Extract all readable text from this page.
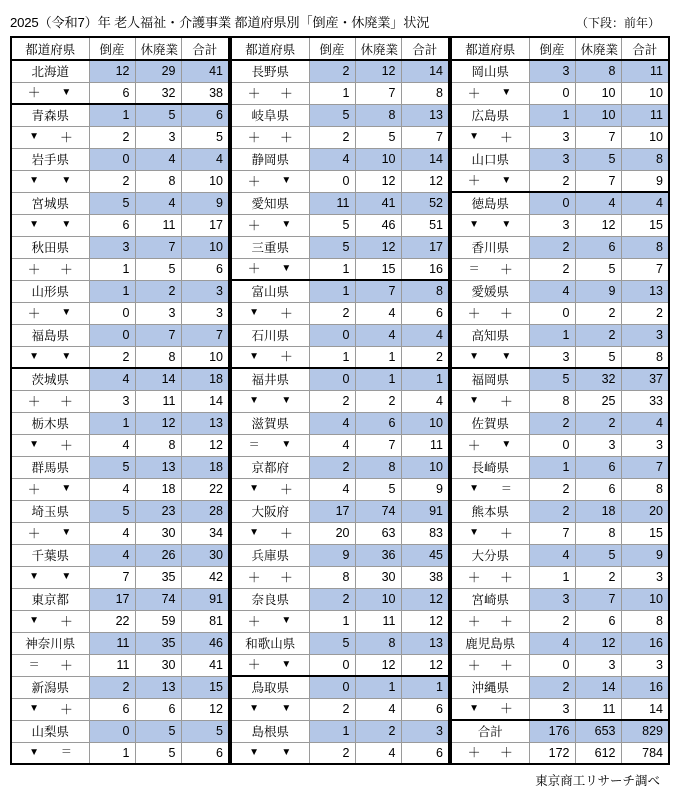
2025（令和7）年 老人福祉・介護事業 都道府県別「倒産・休廃業」状況	（下段：前年）
都道府県	倒産	休廃業	合計
北海道	12	29	41

＋ ▼	6	32	38
青森県	1	5	6

▼ ＋	2	3	5
岩手県	0	4	4

▼ ▼	2	8	10
宮城県	5	4	9

▼ ▼	6	11	17
秋田県	3	7	10

＋ ＋	1	5	6
山形県	1	2	3

＋ ▼	0	3	3
福島県	0	7	7

▼ ▼	2	8	10
茨城県	4	14	18

＋ ＋	3	11	14
栃木県	1	12	13

▼ ＋	4	8	12
群馬県	5	13	18

＋ ▼	4	18	22
埼玉県	5	23	28

＋ ▼	4	30	34
千葉県	4	26	30

▼ ▼	7	35	42
東京都	17	74	91

▼ ＋	22	59	81
神奈川県	11	35	46

＝ ＋	11	30	41
新潟県	2	13	15

▼ ＋	6	6	12
山梨県	0	5	5

▼ ＝	1	5	6
都道府県	倒産	休廃業	合計
長野県	2	12	14

＋ ＋	1	7	8
岐阜県	5	8	13

＋ ＋	2	5	7
静岡県	4	10	14

＋ ▼	0	12	12
愛知県	11	41	52

＋ ▼	5	46	51
三重県	5	12	17

＋ ▼	1	15	16
富山県	1	7	8

▼ ＋	2	4	6
石川県	0	4	4

▼ ＋	1	1	2
福井県	0	1	1

▼ ▼	2	2	4
滋賀県	4	6	10

＝ ▼	4	7	11
京都府	2	8	10

▼ ＋	4	5	9
大阪府	17	74	91

▼ ＋	20	63	83
兵庫県	9	36	45

＋ ＋	8	30	38
奈良県	2	10	12

＋ ▼	1	11	12
和歌山県	5	8	13

＋ ▼	0	12	12
鳥取県	0	1	1

▼ ▼	2	4	6
島根県	1	2	3

▼ ▼	2	4	6
都道府県	倒産	休廃業	合計
岡山県	3	8	11

＋ ▼	0	10	10
広島県	1	10	11

▼ ＋	3	7	10
山口県	3	5	8

＋ ▼	2	7	9
徳島県	0	4	4

▼ ▼	3	12	15
香川県	2	6	8

＝ ＋	2	5	7
愛媛県	4	9	13

＋ ＋	0	2	2
高知県	1	2	3

▼ ▼	3	5	8
福岡県	5	32	37

▼ ＋	8	25	33
佐賀県	2	2	4

＋ ▼	0	3	3
長崎県	1	6	7

▼ ＝	2	6	8
熊本県	2	18	20

▼ ＋	7	8	15
大分県	4	5	9

＋ ＋	1	2	3
宮崎県	3	7	10

＋ ＋	2	6	8
鹿児島県	4	12	16

＋ ＋	0	3	3
沖縄県	2	14	16

▼ ＋	3	11	14
合計	176	653	829

＋ ＋	172	612	784
東京商工リサーチ調べ
